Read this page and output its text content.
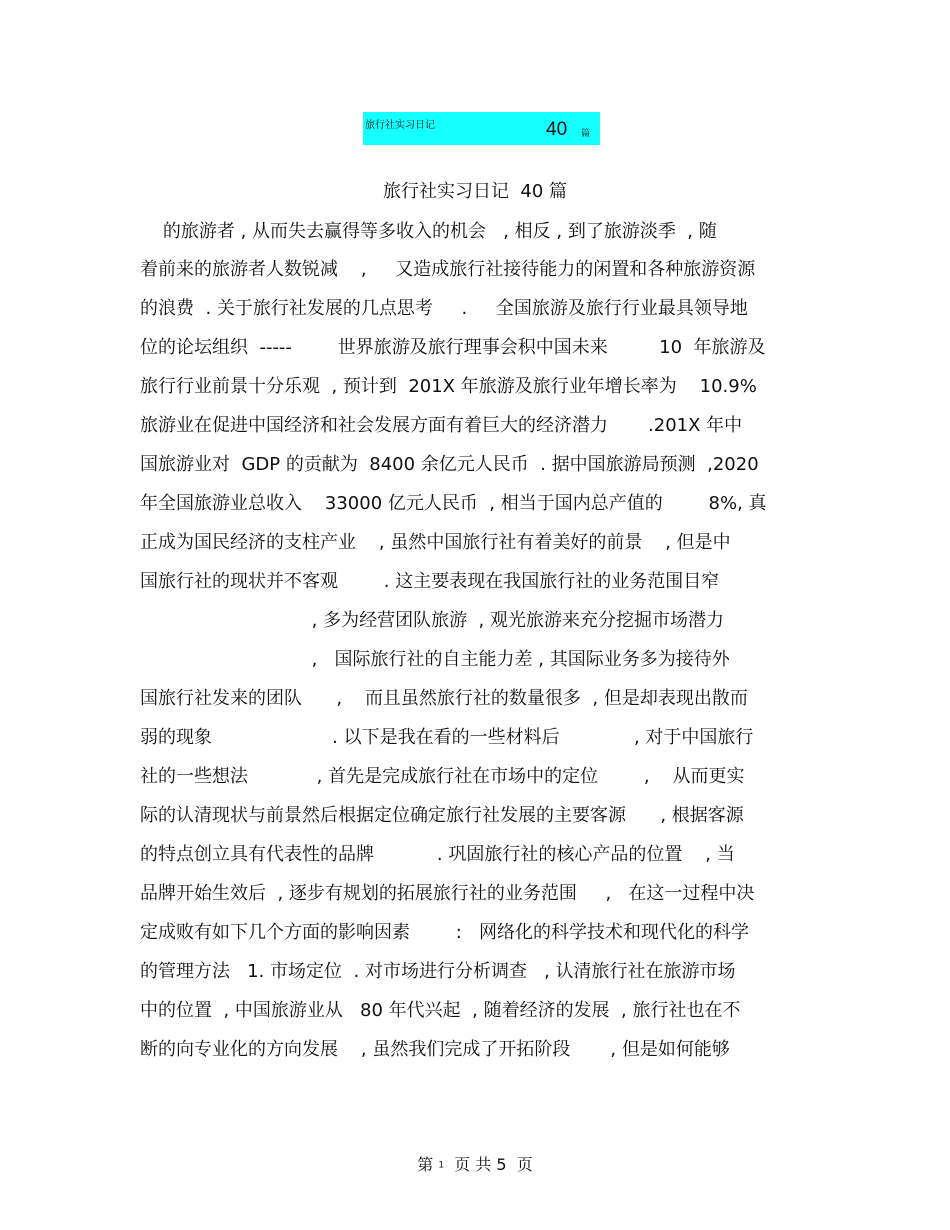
旅行社实习日记	40 篇
旅行社实习日记  40 篇
的旅游者 , 从而失去赢得等多收入的机会   , 相反 , 到了旅游淡季  , 随
着前来的旅游者人数锐减    ,     又造成旅行社接待能力的闲置和各种旅游资源
的浪费  . 关于旅行社发展的几点思考     .     全国旅游及旅行行业最具领导地
位的论坛组织  -----        世界旅游及旅行理事会积中国未来         10  年旅游及
旅行行业前景十分乐观  , 预计到  201X 年旅游及旅行业年增长率为    10.9%
旅游业在促进中国经济和社会发展方面有着巨大的经济潜力       .201X 年中
国旅游业对  GDP 的贡献为  8400 余亿元人民币  . 据中国旅游局预测  ,2020
年全国旅游业总收入    33000 亿元人民币  , 相当于国内总产值的        8%, 真
正成为国民经济的支柱产业    , 虽然中国旅行社有着美好的前景    , 但是中
国旅行社的现状并不客观        . 这主要表现在我国旅行社的业务范围目窄
, 多为经营团队旅游  , 观光旅游来充分挖掘市场潜力
,   国际旅行社的自主能力差 , 其国际业务多为接待外
国旅行社发来的团队      ,    而且虽然旅行社的数量很多  , 但是却表现出散而
弱的现象                     . 以下是我在看的一些材料后             , 对于中国旅行
社的一些想法            , 首先是完成旅行社在市场中的定位        ,    从而更实
际的认清现状与前景然后根据定位确定旅行社发展的主要客源      , 根据客源
的特点创立具有代表性的品牌           . 巩固旅行社的核心产品的位置    , 当
品牌开始生效后  , 逐步有规划的拓展旅行社的业务范围     ,   在这一过程中决
定成败有如下几个方面的影响因素        :   网络化的科学技术和现代化的科学
的管理方法   1. 市场定位  . 对市场进行分析调查   , 认清旅行社在旅游市场
中的位置  , 中国旅游业从   80 年代兴起  , 随着经济的发展  , 旅行社也在不
断的向专业化的方向发展    , 虽然我们完成了开拓阶段       , 但是如何能够
第 1  页 共 5  页
